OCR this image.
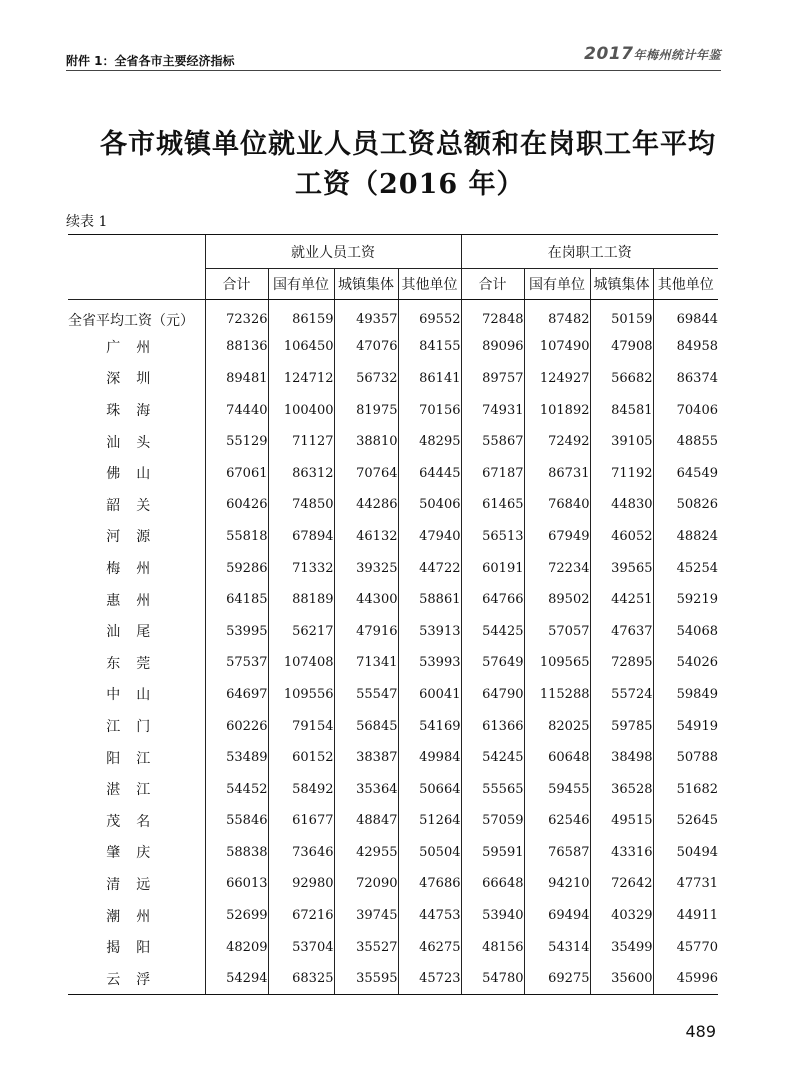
附件 1：全省各市主要经济指标	2017年梅州统计年鉴
各市城镇单位就业人员工资总额和在岗职工年平均
工资（2016 年）
续表 1
	就业人员工资				在岗职工工资			
	合计	国有单位	城镇集体	其他单位	合计	国有单位	城镇集体	其他单位
全省平均工资（元）	72326	86159	49357	69552	72848	87482	50159	69844
广州	88136	106450	47076	84155	89096	107490	47908	84958
深圳	89481	124712	56732	86141	89757	124927	56682	86374
珠海	74440	100400	81975	70156	74931	101892	84581	70406
汕头	55129	71127	38810	48295	55867	72492	39105	48855
佛山	67061	86312	70764	64445	67187	86731	71192	64549
韶关	60426	74850	44286	50406	61465	76840	44830	50826
河源	55818	67894	46132	47940	56513	67949	46052	48824
梅州	59286	71332	39325	44722	60191	72234	39565	45254
惠州	64185	88189	44300	58861	64766	89502	44251	59219
汕尾	53995	56217	47916	53913	54425	57057	47637	54068
东莞	57537	107408	71341	53993	57649	109565	72895	54026
中山	64697	109556	55547	60041	64790	115288	55724	59849
江门	60226	79154	56845	54169	61366	82025	59785	54919
阳江	53489	60152	38387	49984	54245	60648	38498	50788
湛江	54452	58492	35364	50664	55565	59455	36528	51682
茂名	55846	61677	48847	51264	57059	62546	49515	52645
肇庆	58838	73646	42955	50504	59591	76587	43316	50494
清远	66013	92980	72090	47686	66648	94210	72642	47731
潮州	52699	67216	39745	44753	53940	69494	40329	44911
揭阳	48209	53704	35527	46275	48156	54314	35499	45770
云浮	54294	68325	35595	45723	54780	69275	35600	45996
489
